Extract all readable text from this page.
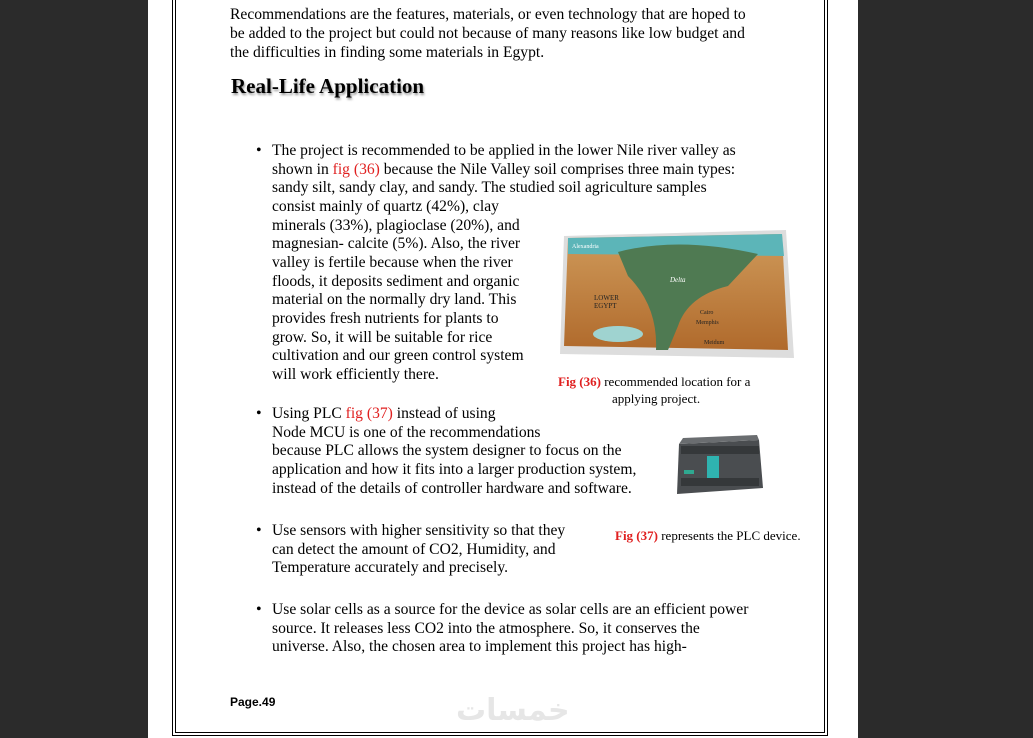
Recommendations are the features, materials, or even technology that are hoped to
be added to the project but could not because of many reasons like low budget and
the difficulties in finding some materials in Egypt.
Real-Life Application
• The project is recommended to be applied in the lower Nile river valley as
shown in fig (36) because the Nile Valley soil comprises three main types:
sandy silt, sandy clay, and sandy. The studied soil agriculture samples
consist mainly of quartz (42%), clay
minerals (33%), plagioclase (20%), and
magnesian- calcite (5%). Also, the river
valley is fertile because when the river
floods, it deposits sediment and organic
material on the normally dry land. This
provides fresh nutrients for plants to
grow. So, it will be suitable for rice
cultivation and our green control system
will work efficiently there.
• Using PLC fig (37) instead of using
Node MCU is one of the recommendations
because PLC allows the system designer to focus on the
application and how it fits into a larger production system,
instead of the details of controller hardware and software.
• Use sensors with higher sensitivity so that they
can detect the amount of CO2, Humidity, and
Temperature accurately and precisely.
• Use solar cells as a source for the device as solar cells are an efficient power
source. It releases less CO2 into the atmosphere. So, it conserves the
universe. Also, the chosen area to implement this project has high-
Alexandria
LOWER
EGYPT
Delta
Cairo
Memphis
Meidum
Fig (36) recommended location for a
applying project.
Fig (37) represents the PLC device.
Page.49	خمسات
